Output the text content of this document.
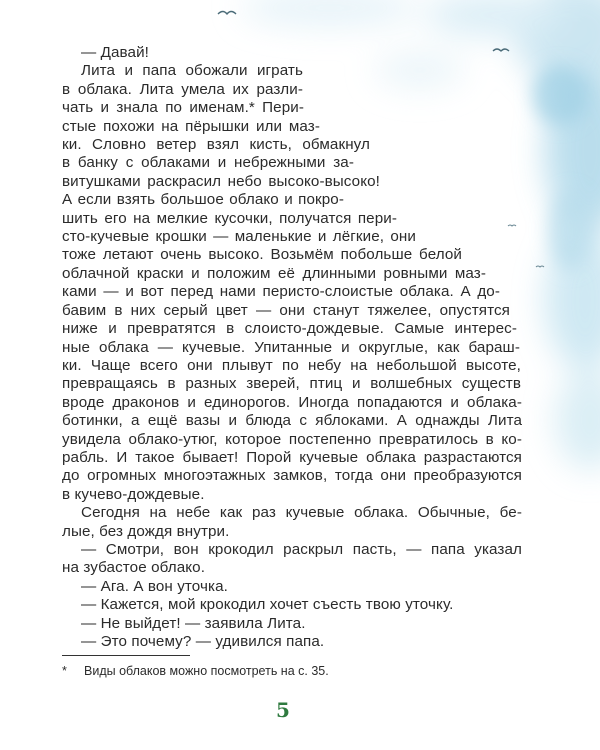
— Давай!
Лита и папа обожали играть
в облака. Лита умела их разли-
чать и знала по именам.* Пери-
стые похожи на пёрышки или маз-
ки. Словно ветер взял кисть, обмакнул
в банку с облаками и небрежными за-
витушками раскрасил небо высоко-высоко!
А если взять большое облако и покро-
шить его на мелкие кусочки, получатся пери-
сто-кучевые крошки — маленькие и лёгкие, они
тоже летают очень высоко. Возьмём побольше белой
облачной краски и положим её длинными ровными маз-
ками — и вот перед нами перисто-слоистые облака. А до-
бавим в них серый цвет — они станут тяжелее, опустятся
ниже и превратятся в слоисто-дождевые. Самые интерес-
ные облака — кучевые. Упитанные и округлые, как бараш-
ки. Чаще всего они плывут по небу на небольшой высоте,
превращаясь в разных зверей, птиц и волшебных существ
вроде драконов и единорогов. Иногда попадаются и облака-
ботинки, а ещё вазы и блюда с яблоками. А однажды Лита
увидела облако-утюг, которое постепенно превратилось в ко-
рабль. И такое бывает! Порой кучевые облака разрастаются
до огромных многоэтажных замков, тогда они преобразуются
в кучево-дождевые.
Сегодня на небе как раз кучевые облака. Обычные, бе-
лые, без дождя внутри.
— Смотри, вон крокодил раскрыл пасть, — папа указал
на зубастое облако.
— Ага. А вон уточка.
— Кажется, мой крокодил хочет съесть твою уточку.
— Не выйдет! — заявила Лита.
— Это почему? — удивился папа.
* Виды облаков можно посмотреть на с. 35.
5
